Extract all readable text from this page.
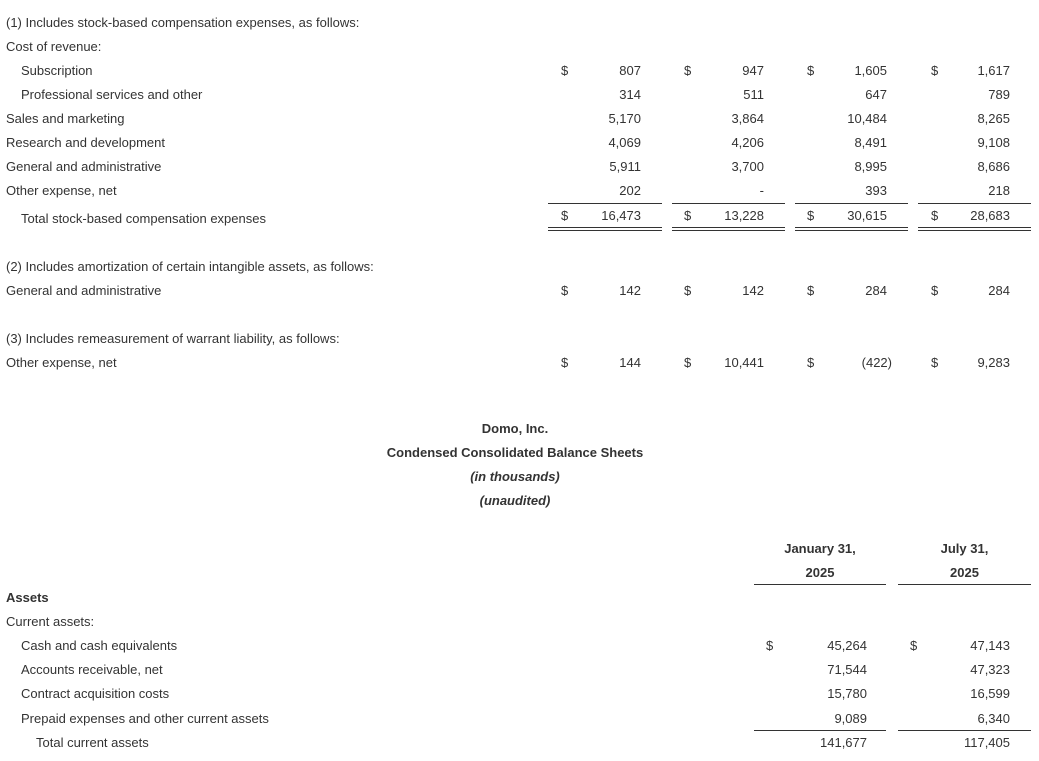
(1) Includes stock-based compensation expenses, as follows:
Cost of revenue:
Subscription	$	807	$	947	$	1,605	$	1,617
Professional services and other	314	511	647	789
Sales and marketing	5,170	3,864	10,484	8,265
Research and development	4,069	4,206	8,491	9,108
General and administrative	5,911	3,700	8,995	8,686
Other expense, net	202	-	393	218
Total stock-based compensation expenses	$	16,473	$	13,228	$	30,615	$ 28,683
(2) Includes amortization of certain intangible assets, as follows:
General and administrative	$	142	$	142	$	284	$	284
(3) Includes remeasurement of warrant liability, as follows:
Other expense, net	$	144	$	10,441	$	(422)	$	9,283
Domo, Inc.
Condensed Consolidated Balance Sheets
(in thousands)
(unaudited)
January 31,
2025
July 31,
2025
Assets
Current assets:
Cash and cash equivalents	$	45,264	$	47,143
Accounts receivable, net	71,544	47,323
Contract acquisition costs	15,780	16,599
Prepaid expenses and other current assets	9,089	6,340
Total current assets	141,677	117,405
